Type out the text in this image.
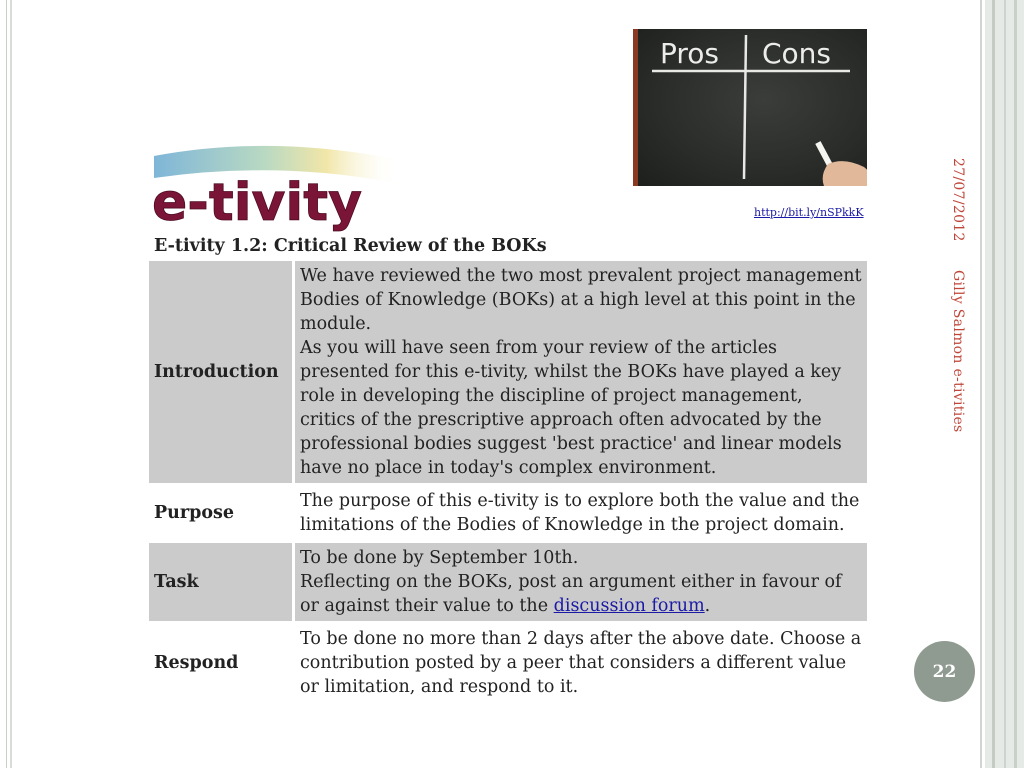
e-tivity
Pros Cons
http://bit.ly/nSPkkK
E-tivity 1.2: Critical Review of the BOKs
Introduction	We have reviewed the two most prevalent project management Bodies of Knowledge (BOKs) at a high level at this point in the module.
As you will have seen from your review of the articles presented for this e-tivity, whilst the BOKs have played a key role in developing the discipline of project management, critics of the prescriptive approach often advocated by the professional bodies suggest 'best practice' and linear models have no place in today's complex environment.

Purpose	The purpose of this e-tivity is to explore both the value and the limitations of the Bodies of Knowledge in the project domain.

Task	To be done by September 10th.
Reflecting on the BOKs, post an argument either in favour of or against their value to the discussion forum.

Respond	To be done no more than 2 days after the above date. Choose a contribution posted by a peer that considers a different value or limitation, and respond to it.
27/07/2012
Gilly Salmon e-tivities
22
